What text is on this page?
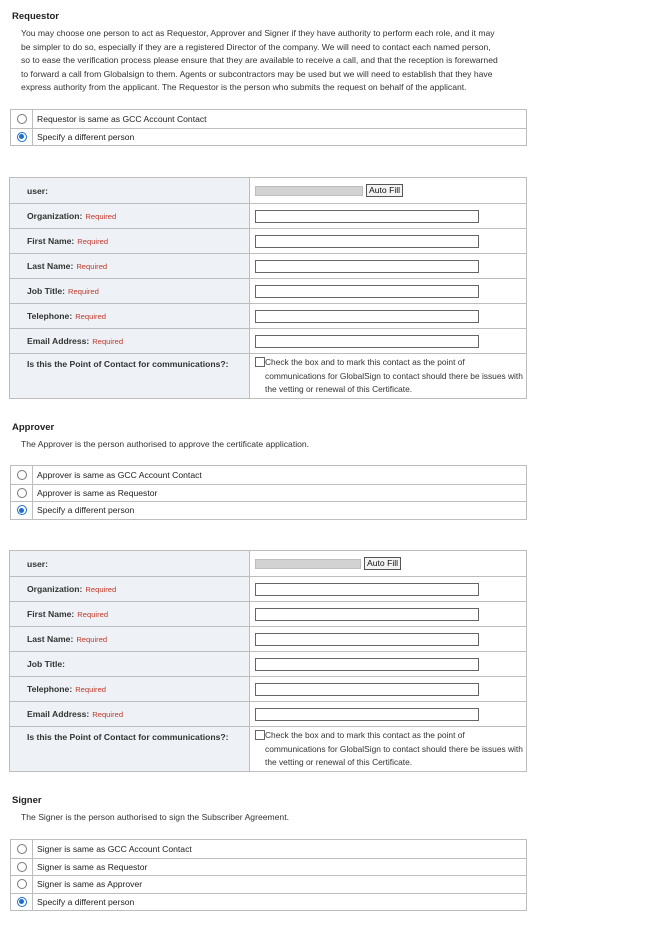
Requestor
You may choose one person to act as Requestor, Approver and Signer if they have authority to perform each role, and it may
be simpler to do so, especially if they are a registered Director of the company. We will need to contact each named person,
so to ease the verification process please ensure that they are available to receive a call, and that the reception is forewarned
to forward a call from Globalsign to them. Agents or subcontractors may be used but we will need to establish that they have
express authority from the applicant. The Requestor is the person who submits the request on behalf of the applicant.
Requestor is same as GCC Account Contact
Specify a different person
user:	Auto Fill
Organization: Required
First Name: Required
Last Name: Required
Job Title: Required
Telephone: Required
Email Address: Required
Is this the Point of Contact for communications?:	Check the box and to mark this contact as the point of communications for GlobalSign to contact should there be issues with the vetting or renewal of this Certificate.
Approver
The Approver is the person authorised to approve the certificate application.
Approver is same as GCC Account Contact
Approver is same as Requestor
Specify a different person
user:	Auto Fill
Organization: Required
First Name: Required
Last Name: Required
Job Title:
Telephone: Required
Email Address: Required
Is this the Point of Contact for communications?:	Check the box and to mark this contact as the point of communications for GlobalSign to contact should there be issues with the vetting or renewal of this Certificate.
Signer
The Signer is the person authorised to sign the Subscriber Agreement.
Signer is same as GCC Account Contact
Signer is same as Requestor
Signer is same as Approver
Specify a different person
